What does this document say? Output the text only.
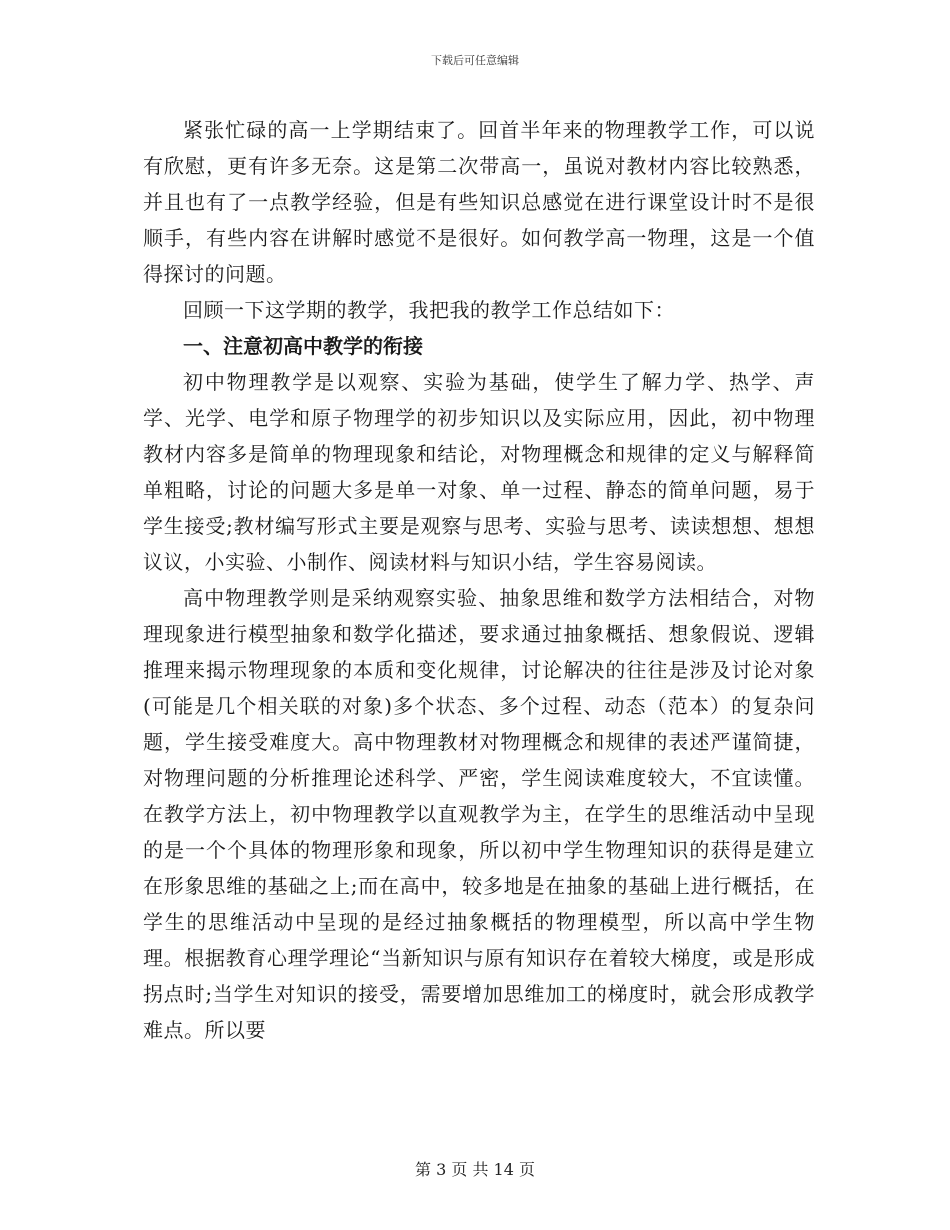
下载后可任意编辑

紧张忙碌的高一上学期结束了。回首半年来的物理教学工作，可以说有欣慰，更有许多无奈。这是第二次带高一，虽说对教材内容比较熟悉，并且也有了一点教学经验，但是有些知识总感觉在进行课堂设计时不是很顺手，有些内容在讲解时感觉不是很好。如何教学高一物理，这是一个值得探讨的问题。

回顾一下这学期的教学，我把我的教学工作总结如下：

一、注意初高中教学的衔接

初中物理教学是以观察、实验为基础，使学生了解力学、热学、声学、光学、电学和原子物理学的初步知识以及实际应用，因此，初中物理教材内容多是简单的物理现象和结论，对物理概念和规律的定义与解释简单粗略，讨论的问题大多是单一对象、单一过程、静态的简单问题，易于学生接受;教材编写形式主要是观察与思考、实验与思考、读读想想、想想议议，小实验、小制作、阅读材料与知识小结，学生容易阅读。

高中物理教学则是采纳观察实验、抽象思维和数学方法相结合，对物理现象进行模型抽象和数学化描述，要求通过抽象概括、想象假说、逻辑推理来揭示物理现象的本质和变化规律，讨论解决的往往是涉及讨论对象(可能是几个相关联的对象)多个状态、多个过程、动态（范本）的复杂问题，学生接受难度大。高中物理教材对物理概念和规律的表述严谨简捷，对物理问题的分析推理论述科学、严密，学生阅读难度较大，不宜读懂。在教学方法上，初中物理教学以直观教学为主，在学生的思维活动中呈现的是一个个具体的物理形象和现象，所以初中学生物理知识的获得是建立在形象思维的基础之上;而在高中，较多地是在抽象的基础上进行概括，在学生的思维活动中呈现的是经过抽象概括的物理模型，所以高中学生物理。根据教育心理学理论“当新知识与原有知识存在着较大梯度，或是形成拐点时;当学生对知识的接受，需要增加思维加工的梯度时，就会形成教学难点。所以要

第 3 页 共 14 页
